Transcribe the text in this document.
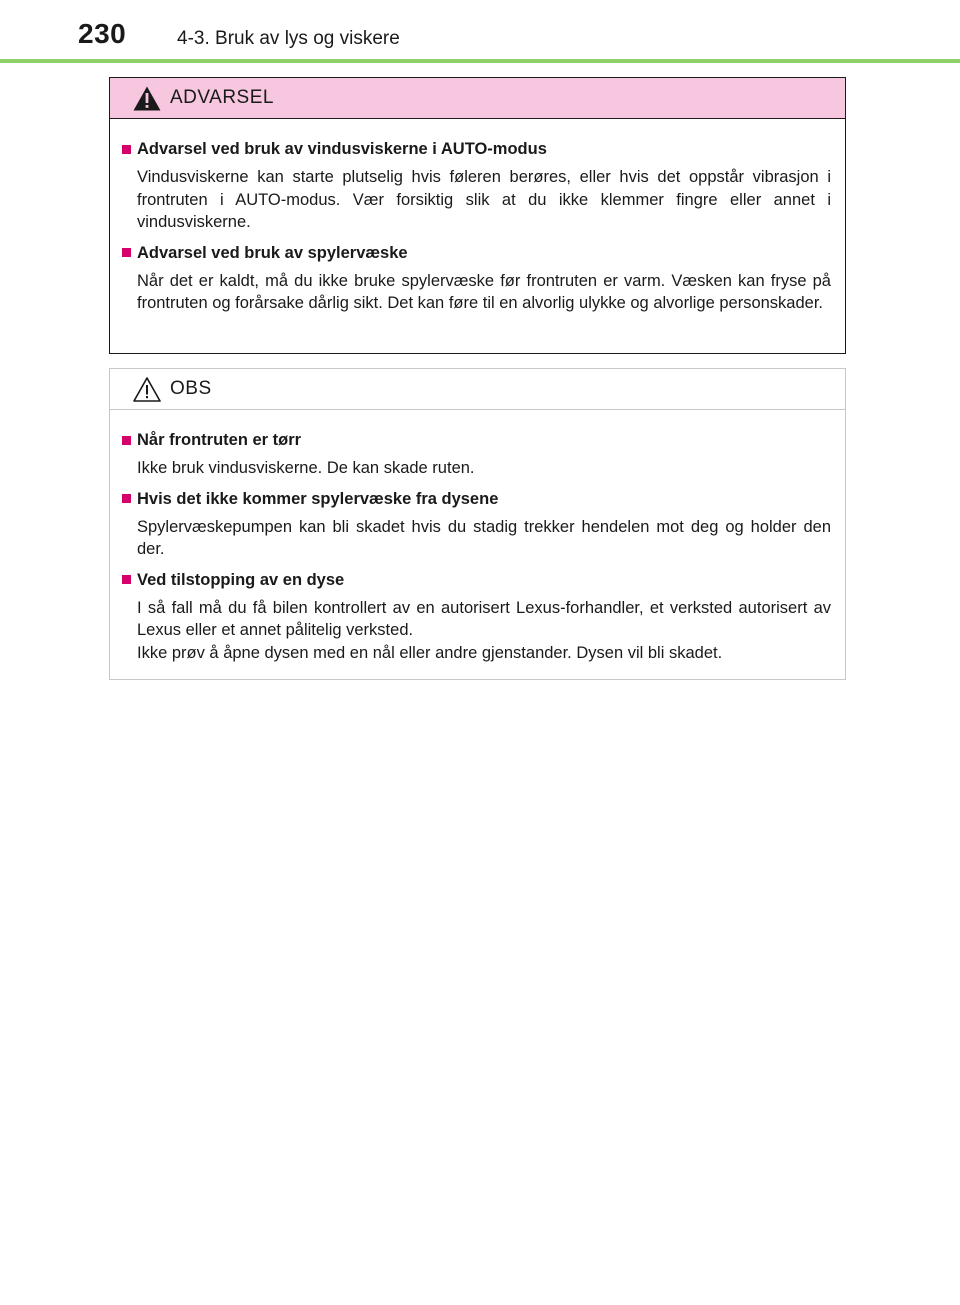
230	4-3. Bruk av lys og viskere
ADVARSEL
Advarsel ved bruk av vindusviskerne i AUTO-modus

Vindusviskerne kan starte plutselig hvis føleren berøres, eller hvis det oppstår vibrasjon i frontruten i AUTO-modus. Vær forsiktig slik at du ikke klemmer fingre eller annet i vindusviskerne.

Advarsel ved bruk av spylervæske

Når det er kaldt, må du ikke bruke spylervæske før frontruten er varm. Væsken kan fryse på frontruten og forårsake dårlig sikt. Det kan føre til en alvorlig ulykke og alvorlige personskader.

OBS
Når frontruten er tørr

Ikke bruk vindusviskerne. De kan skade ruten.

Hvis det ikke kommer spylervæske fra dysene

Spylervæskepumpen kan bli skadet hvis du stadig trekker hendelen mot deg og holder den der.

Ved tilstopping av en dyse

I så fall må du få bilen kontrollert av en autorisert Lexus-forhandler, et verksted autorisert av Lexus eller et annet pålitelig verksted.

Ikke prøv å åpne dysen med en nål eller andre gjenstander. Dysen vil bli skadet.
